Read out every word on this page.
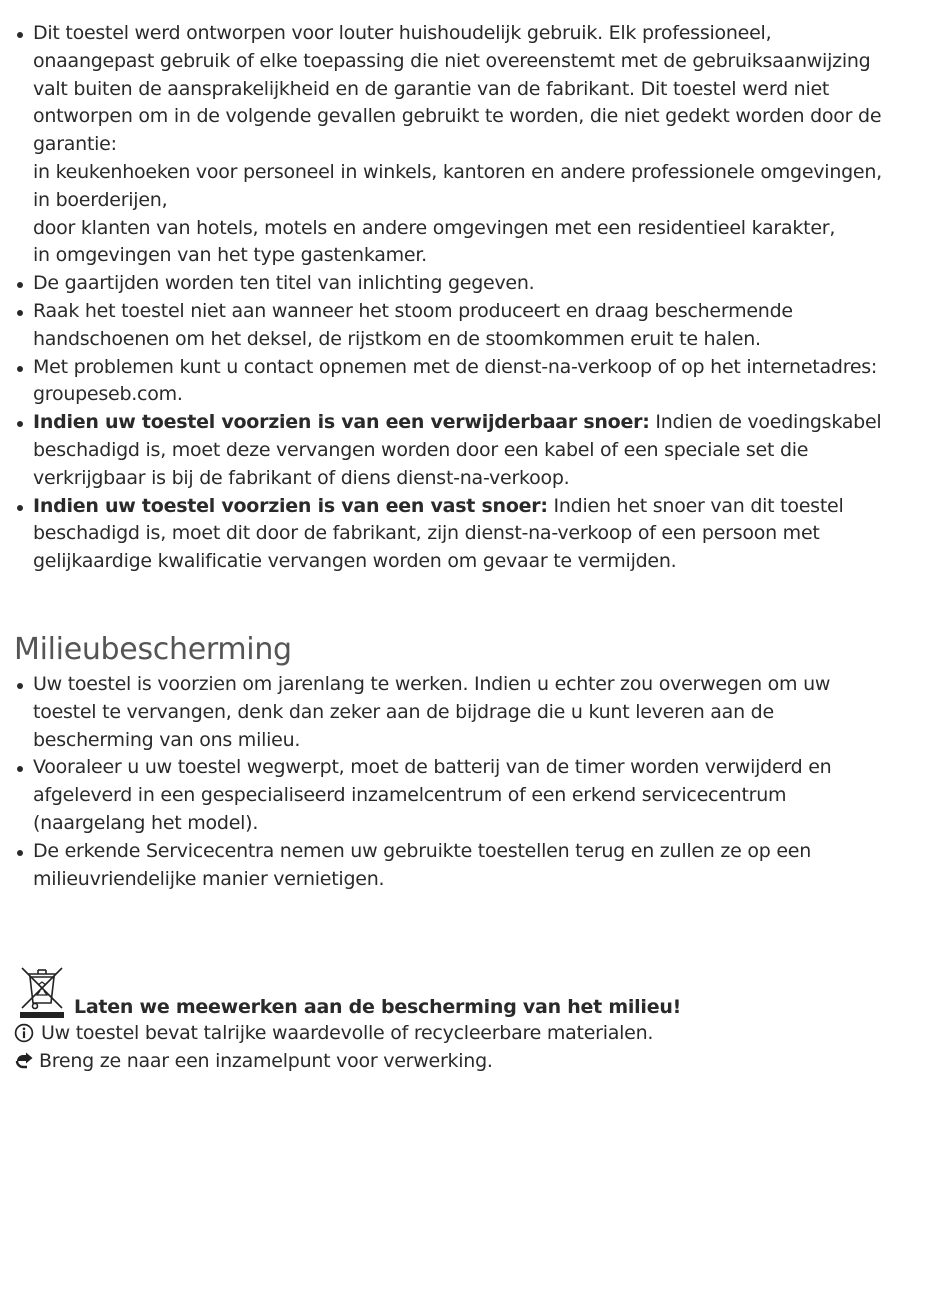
Dit toestel werd ontworpen voor louter huishoudelijk gebruik. Elk professioneel, onaangepast gebruik of elke toepassing die niet overeenstemt met de gebruiksaanwijzing valt buiten de aansprakelijkheid en de garantie van de fabrikant. Dit toestel werd niet ontworpen om in de volgende gevallen gebruikt te worden, die niet gedekt worden door de garantie:
in keukenhoeken voor personeel in winkels, kantoren en andere professionele omgevingen,
in boerderijen,
door klanten van hotels, motels en andere omgevingen met een residentieel karakter,
in omgevingen van het type gastenkamer.
De gaartijden worden ten titel van inlichting gegeven.
Raak het toestel niet aan wanneer het stoom produceert en draag beschermende handschoenen om het deksel, de rijstkom en de stoomkommen eruit te halen.
Met problemen kunt u contact opnemen met de dienst-na-verkoop of op het internetadres: groupeseb.com.
Indien uw toestel voorzien is van een verwijderbaar snoer: Indien de voedingskabel beschadigd is, moet deze vervangen worden door een kabel of een speciale set die verkrijgbaar is bij de fabrikant of diens dienst-na-verkoop.
Indien uw toestel voorzien is van een vast snoer: Indien het snoer van dit toestel beschadigd is, moet dit door de fabrikant, zijn dienst-na-verkoop of een persoon met gelijkaardige kwalificatie vervangen worden om gevaar te vermijden.
Milieubescherming
Uw toestel is voorzien om jarenlang te werken. Indien u echter zou overwegen om uw toestel te vervangen, denk dan zeker aan de bijdrage die u kunt leveren aan de bescherming van ons milieu.
Vooraleer u uw toestel wegwerpt, moet de batterij van de timer worden verwijderd en afgeleverd in een gespecialiseerd inzamelcentrum of een erkend servicecentrum (naargelang het model).
De erkende Servicecentra nemen uw gebruikte toestellen terug en zullen ze op een milieuvriendelijke manier vernietigen.
Laten we meewerken aan de bescherming van het milieu!
Uw toestel bevat talrijke waardevolle of recycleerbare materialen.
Breng ze naar een inzamelpunt voor verwerking.
